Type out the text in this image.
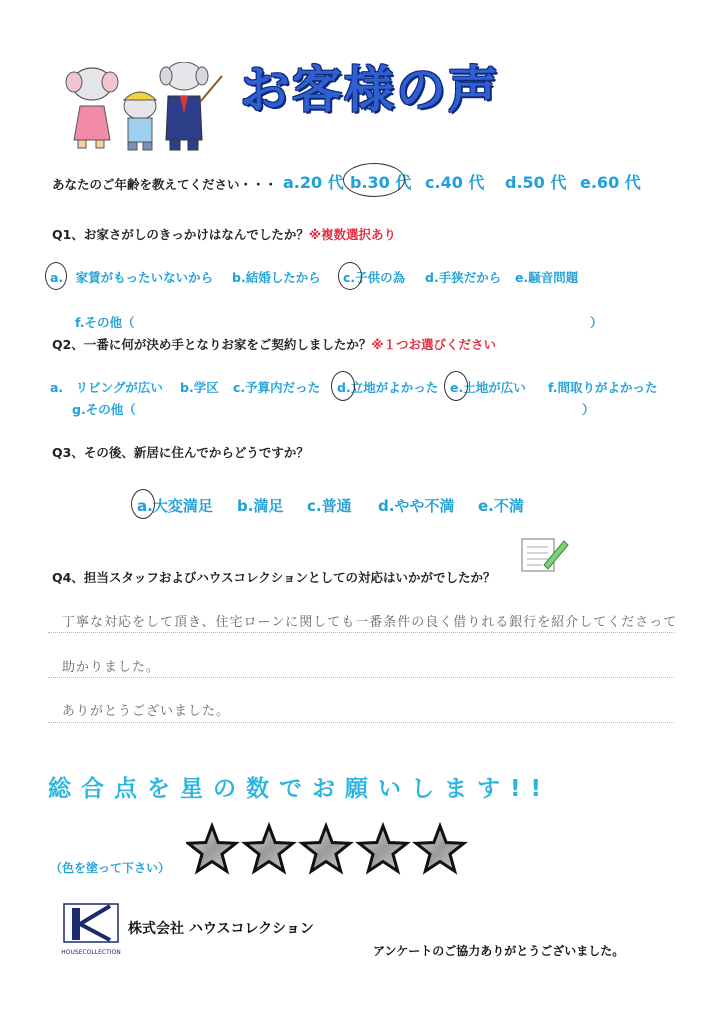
お客様の声
あなたのご年齢を教えてください・・・ a.20 代 b.30 代 c.40 代 d.50 代 e.60 代
Q1、お家さがしのきっかけはなんでしたか？※複数選択あり
a.　家賃がもったいないから b.結婚したから c.子供の為 d.手狭だから e.騒音問題
f.その他（	）
Q2、一番に何が決め手となりお家をご契約しましたか？※１つお選びください
a.　リビングが広い b.学区 c.予算内だった d.立地がよかった e.土地が広い f.間取りがよかった
g.その他（	）
Q3、その後、新居に住んでからどうですか？
a.大変満足 b.満足 c.普通 d.やや不満 e.不満
Q4、担当スタッフおよびハウスコレクションとしての対応はいかがでしたか？
丁寧な対応をして頂き、住宅ローンに関しても一番条件の良く借りれる銀行を紹介してくださって
助かりました。
ありがとうございました。
総合点を星の数でお願いします!!
（色を塗って下さい）
HOUSECOLLECTION
株式会社 ハウスコレクション
アンケートのご協力ありがとうございました。
